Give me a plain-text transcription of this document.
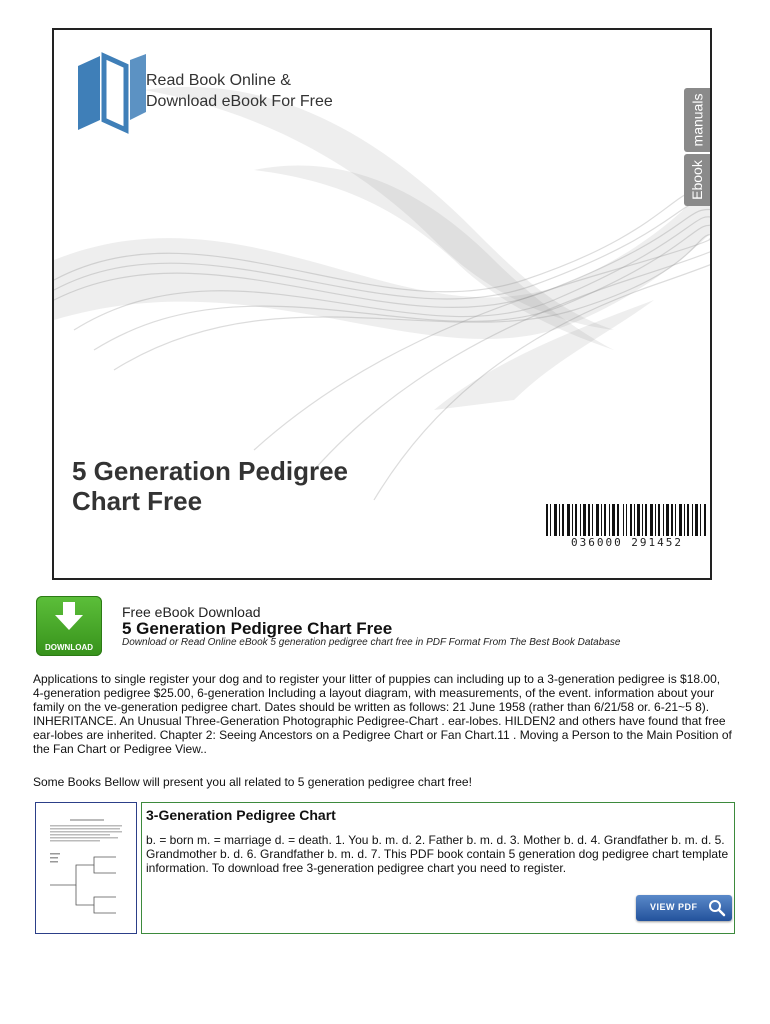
Read Book Online &
Download eBook For Free	manuals
Ebook
5 Generation Pedigree
Chart Free
036000 291452
DOWNLOAD
Free eBook Download
5 Generation Pedigree Chart Free
Download or Read Online eBook 5 generation pedigree chart free in PDF Format From The Best Book Database
Applications to single register your dog and to register your litter of puppies can including up to a 3-generation pedigree is $18.00, 4-generation pedigree $25.00, 6-generation Including a layout diagram, with measurements, of the event. information about your family on the ve-generation pedigree chart. Dates should be written as follows: 21 June 1958 (rather than 6/21/58 or. 6-21~5 8). INHERITANCE. An Unusual Three-Generation Photographic Pedigree-Chart . ear-lobes. HILDEN2 and others have found that free ear-lobes are inherited. Chapter 2: Seeing Ancestors on a Pedigree Chart or Fan Chart.11 . Moving a Person to the Main Position of the Fan Chart or Pedigree View..
Some Books Bellow will present you all related to 5 generation pedigree chart free!
3-Generation Pedigree Chart
b. = born m. = marriage d. = death. 1. You b. m. d. 2. Father b. m. d. 3. Mother b. d. 4. Grandfather b. m. d. 5. Grandmother b. d. 6. Grandfather b. m. d. 7. This PDF book contain 5 generation dog pedigree chart template information. To download free 3-generation pedigree chart you need to register.
VIEW PDF
